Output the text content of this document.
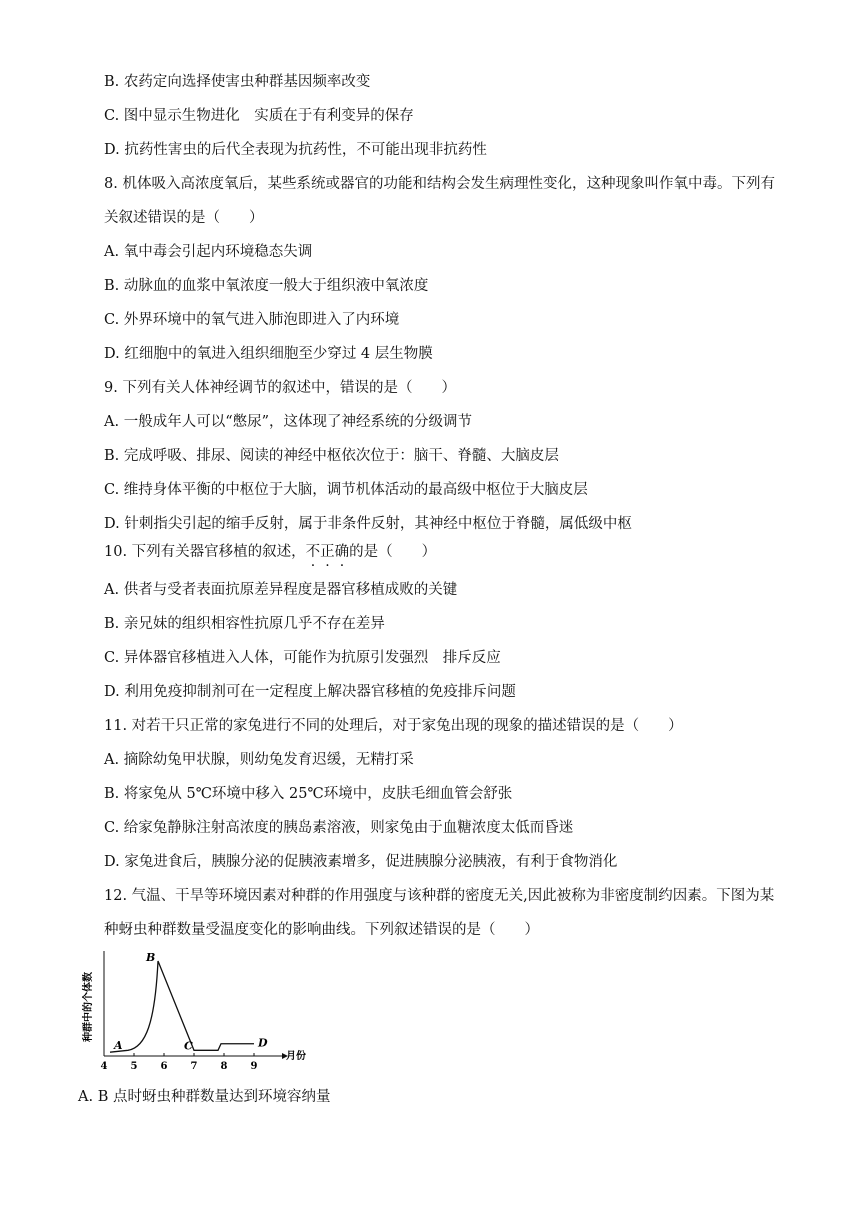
B. 农药定向选择使害虫种群基因频率改变
C. 图中显示生物进化　实质在于有利变异的保存
D. 抗药性害虫的后代全表现为抗药性，不可能出现非抗药性
8. 机体吸入高浓度氧后，某些系统或器官的功能和结构会发生病理性变化，这种现象叫作氧中毒。下列有
关叙述错误的是（　　）
A. 氧中毒会引起内环境稳态失调
B. 动脉血的血浆中氧浓度一般大于组织液中氧浓度
C. 外界环境中的氧气进入肺泡即进入了内环境
D. 红细胞中的氧进入组织细胞至少穿过 4 层生物膜
9. 下列有关人体神经调节的叙述中，错误的是（　　）
A. 一般成年人可以“憋尿”，这体现了神经系统的分级调节
B. 完成呼吸、排尿、阅读的神经中枢依次位于：脑干、脊髓、大脑皮层
C. 维持身体平衡的中枢位于大脑，调节机体活动的最高级中枢位于大脑皮层
D. 针刺指尖引起的缩手反射，属于非条件反射，其神经中枢位于脊髓，属低级中枢
10. 下列有关器官移植的叙述，不正确的是（　　）
A. 供者与受者表面抗原差异程度是器官移植成败的关键
B. 亲兄妹的组织相容性抗原几乎不存在差异
C. 异体器官移植进入人体，可能作为抗原引发强烈　排斥反应
D. 利用免疫抑制剂可在一定程度上解决器官移植的免疫排斥问题
11. 对若干只正常的家兔进行不同的处理后，对于家兔出现的现象的描述错误的是（　　）
A. 摘除幼兔甲状腺，则幼兔发育迟缓，无精打采
B. 将家兔从 5℃环境中移入 25℃环境中，皮肤毛细血管会舒张
C. 给家兔静脉注射高浓度的胰岛素溶液，则家兔由于血糖浓度太低而昏迷
D. 家兔进食后，胰腺分泌的促胰液素增多，促进胰腺分泌胰液，有利于食物消化
12. 气温、干旱等环境因素对种群的作用强度与该种群的密度无关,因此被称为非密度制约因素。下图为某
种蚜虫种群数量受温度变化的影响曲线。下列叙述错误的是（　　）
种群中的个体数
4 5 6 7 8 9
A
B
C	D
月份
A. B 点时蚜虫种群数量达到环境容纳量
